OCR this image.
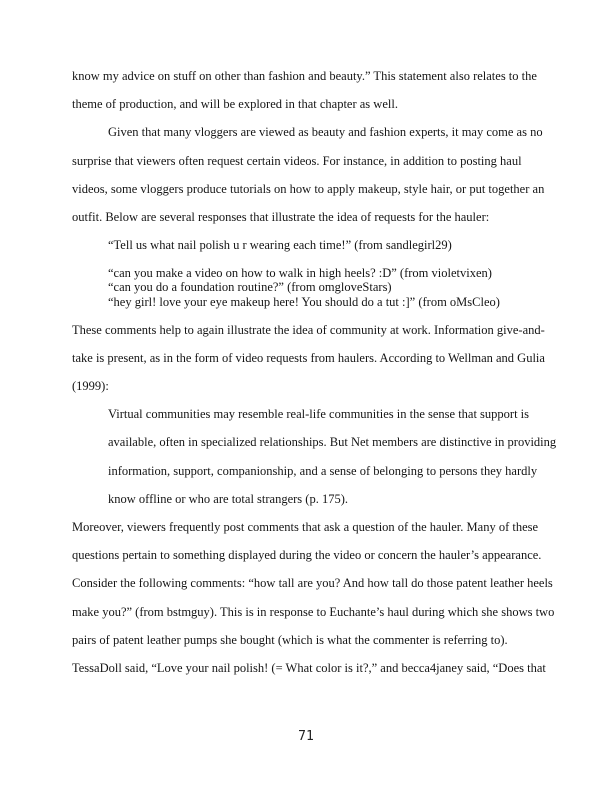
know my advice on stuff on other than fashion and beauty.” This statement also relates to the
theme of production, and will be explored in that chapter as well.
Given that many vloggers are viewed as beauty and fashion experts, it may come as no
surprise that viewers often request certain videos. For instance, in addition to posting haul
videos, some vloggers produce tutorials on how to apply makeup, style hair, or put together an
outfit. Below are several responses that illustrate the idea of requests for the hauler:
“Tell us what nail polish u r wearing each time!” (from sandlegirl29)
“can you make a video on how to walk in high heels? :D” (from violetvixen)
“can you do a foundation routine?” (from omgloveStars)
“hey girl! love your eye makeup here! You should do a tut :]” (from oMsCleo)
These comments help to again illustrate the idea of community at work. Information give-and-
take is present, as in the form of video requests from haulers. According to Wellman and Gulia
(1999):
Virtual communities may resemble real-life communities in the sense that support is
available, often in specialized relationships. But Net members are distinctive in providing
information, support, companionship, and a sense of belonging to persons they hardly
know offline or who are total strangers (p. 175).
Moreover, viewers frequently post comments that ask a question of the hauler. Many of these
questions pertain to something displayed during the video or concern the hauler’s appearance.
Consider the following comments: “how tall are you? And how tall do those patent leather heels
make you?” (from bstmguy). This is in response to Euchante’s haul during which she shows two
pairs of patent leather pumps she bought (which is what the commenter is referring to).
TessaDoll said, “Love your nail polish! (= What color is it?,” and becca4janey said, “Does that
71
